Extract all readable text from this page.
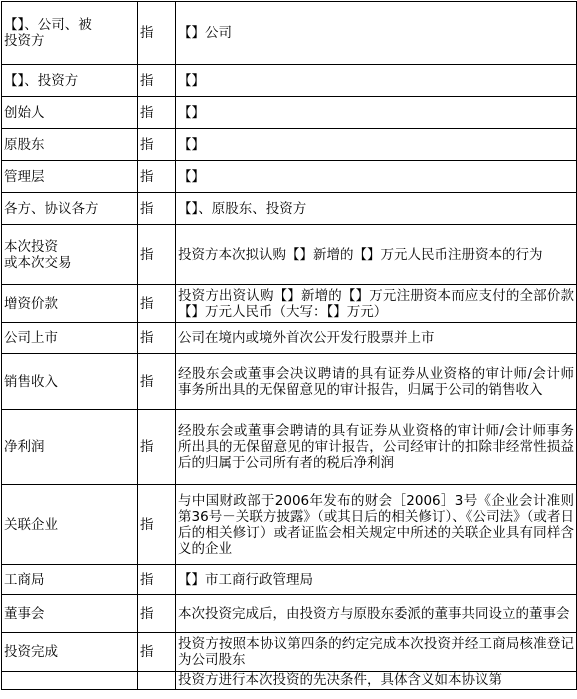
【】、公司、被
投资方	指	【】公司
【】、投资方	指	【】
创始人	指	【】
原股东	指	【】
管理层	指	【】
各方、协议各方	指	【】、原股东、投资方
本次投资
或本次交易	指	投资方本次拟认购【】新增的【】万元人民币注册资本的行为
增资价款	指	投资方出资认购【】新增的【】万元注册资本而应支付的全部价款【】万元人民币（大写：【】万元）
公司上市	指	公司在境内或境外首次公开发行股票并上市
销售收入	指	经股东会或董事会决议聘请的具有证券从业资格的审计师/会计师事务所出具的无保留意见的审计报告，归属于公司的销售收入
净利润	指	经股东会或董事会聘请的具有证券从业资格的审计师/会计师事务所出具的无保留意见的审计报告，公司经审计的扣除非经常性损益后的归属于公司所有者的税后净利润
关联企业	指	与中国财政部于2006年发布的财会［2006］3号《企业会计准则第36号－关联方披露》（或其日后的相关修订）、《公司法》（或者日后的相关修订）或者证监会相关规定中所述的关联企业具有同样含义的企业
工商局	指	【】市工商行政管理局
董事会	指	本次投资完成后，由投资方与原股东委派的董事共同设立的董事会
投资完成	指	投资方按照本协议第四条的约定完成本次投资并经工商局核准登记为公司股东
		投资方进行本次投资的先决条件，具体含义如本协议第
